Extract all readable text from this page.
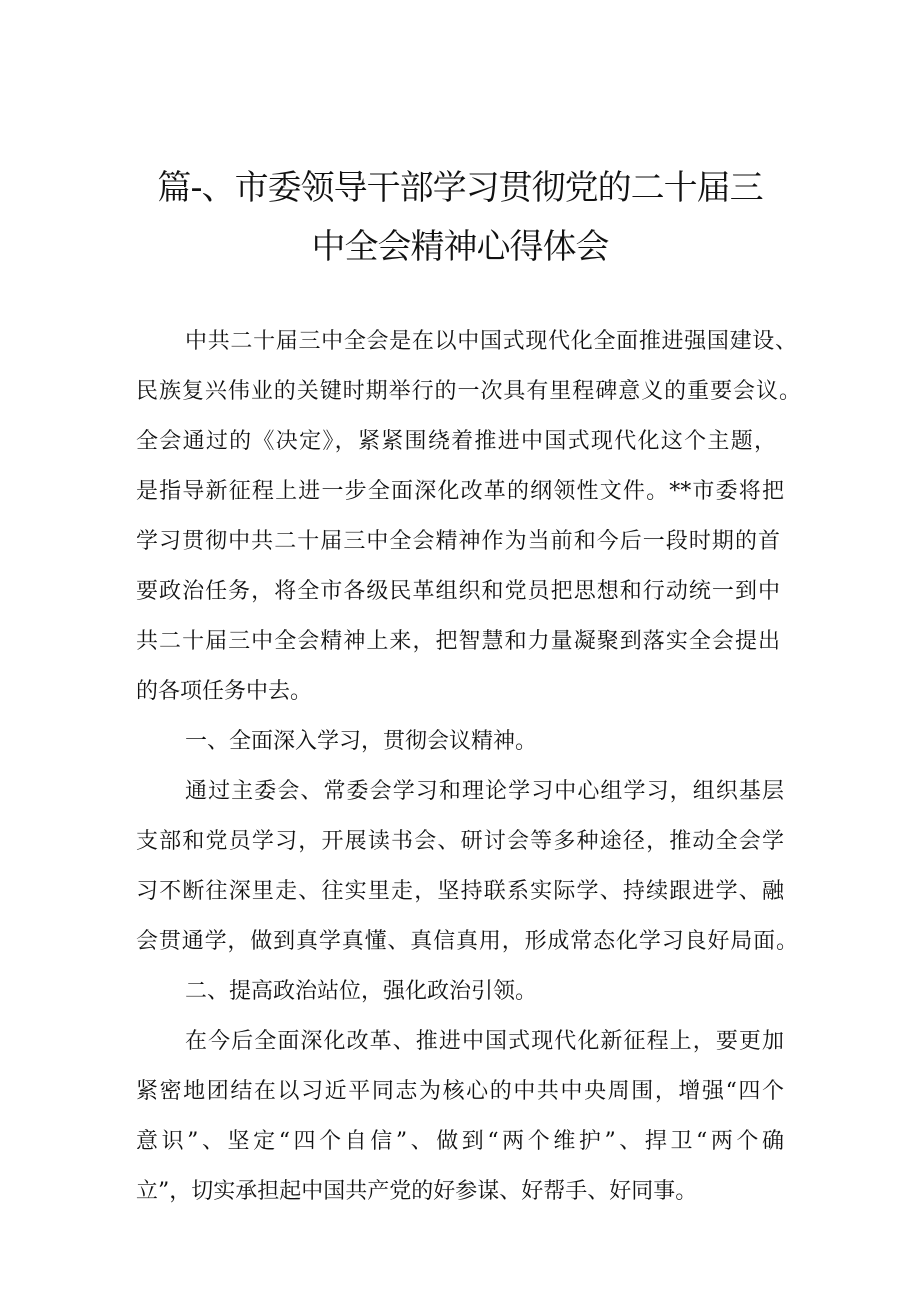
篇-、市委领导干部学习贯彻党的二十届三
中全会精神心得体会
中共二十届三中全会是在以中国式现代化全面推进强国建设、
民族复兴伟业的关键时期举行的一次具有里程碑意义的重要会议。
全会通过的《决定》，紧紧围绕着推进中国式现代化这个主题，
是指导新征程上进一步全面深化改革的纲领性文件。**市委将把
学习贯彻中共二十届三中全会精神作为当前和今后一段时期的首
要政治任务，将全市各级民革组织和党员把思想和行动统一到中
共二十届三中全会精神上来，把智慧和力量凝聚到落实全会提出
的各项任务中去。
一、全面深入学习，贯彻会议精神。
通过主委会、常委会学习和理论学习中心组学习，组织基层
支部和党员学习，开展读书会、研讨会等多种途径，推动全会学
习不断往深里走、往实里走，坚持联系实际学、持续跟进学、融
会贯通学，做到真学真懂、真信真用，形成常态化学习良好局面。
二、提高政治站位，强化政治引领。
在今后全面深化改革、推进中国式现代化新征程上，要更加
紧密地团结在以习近平同志为核心的中共中央周围，增强“四个
意识”、坚定“四个自信”、做到“两个维护”、捍卫“两个确
立”，切实承担起中国共产党的好参谋、好帮手、好同事。
